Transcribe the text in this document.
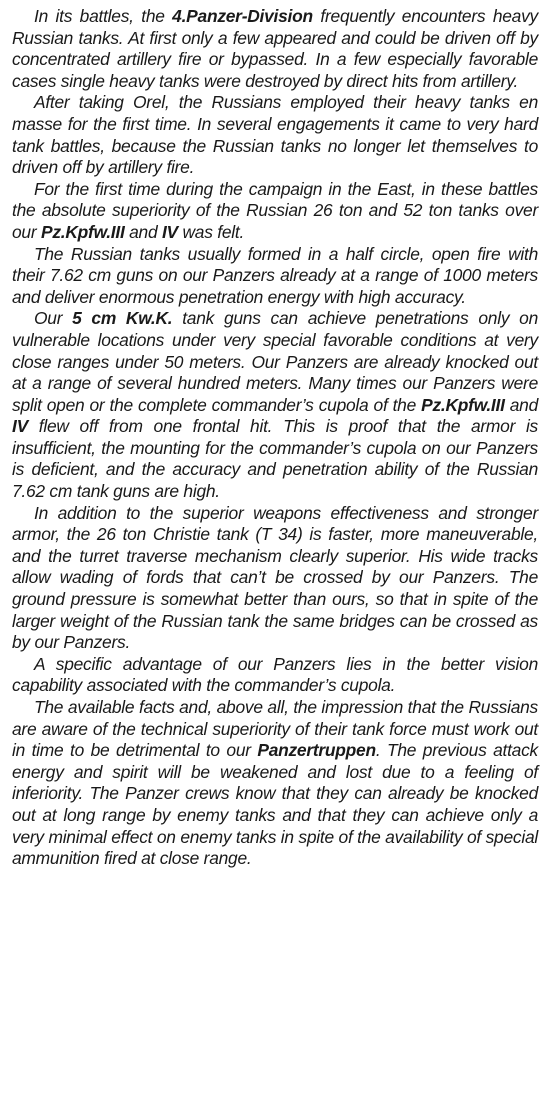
In its battles, the 4.Panzer-Division frequently encounters heavy Russian tanks. At first only a few appeared and could be driven off by concentrated artillery fire or bypassed. In a few especially favorable cases single heavy tanks were destroyed by direct hits from artillery.

After taking Orel, the Russians employed their heavy tanks en masse for the first time. In several engagements it came to very hard tank battles, because the Russian tanks no longer let themselves to driven off by artillery fire.

For the first time during the campaign in the East, in these battles the absolute superiority of the Russian 26 ton and 52 ton tanks over our Pz.Kpfw.III and IV was felt.

The Russian tanks usually formed in a half circle, open fire with their 7.62 cm guns on our Panzers already at a range of 1000 meters and deliver enormous penetration energy with high accuracy.

Our 5 cm Kw.K. tank guns can achieve penetrations only on vulnerable locations under very special favorable conditions at very close ranges under 50 meters. Our Panzers are already knocked out at a range of several hundred meters. Many times our Panzers were split open or the complete commander’s cupola of the Pz.Kpfw.III and IV flew off from one frontal hit. This is proof that the armor is insufficient, the mounting for the commander’s cupola on our Panzers is deficient, and the accuracy and penetration ability of the Russian 7.62 cm tank guns are high.

In addition to the superior weapons effectiveness and stronger armor, the 26 ton Christie tank (T 34) is faster, more maneuverable, and the turret traverse mechanism clearly superior. His wide tracks allow wading of fords that can’t be crossed by our Panzers. The ground pressure is somewhat better than ours, so that in spite of the larger weight of the Russian tank the same bridges can be crossed as by our Panzers.

A specific advantage of our Panzers lies in the better vision capability associated with the commander’s cupola.

The available facts and, above all, the impression that the Russians are aware of the technical superiority of their tank force must work out in time to be detrimental to our Panzertruppen. The previous attack energy and spirit will be weakened and lost due to a feeling of inferiority. The Panzer crews know that they can already be knocked out at long range by enemy tanks and that they can achieve only a very minimal effect on enemy tanks in spite of the availability of special ammunition fired at close range.
